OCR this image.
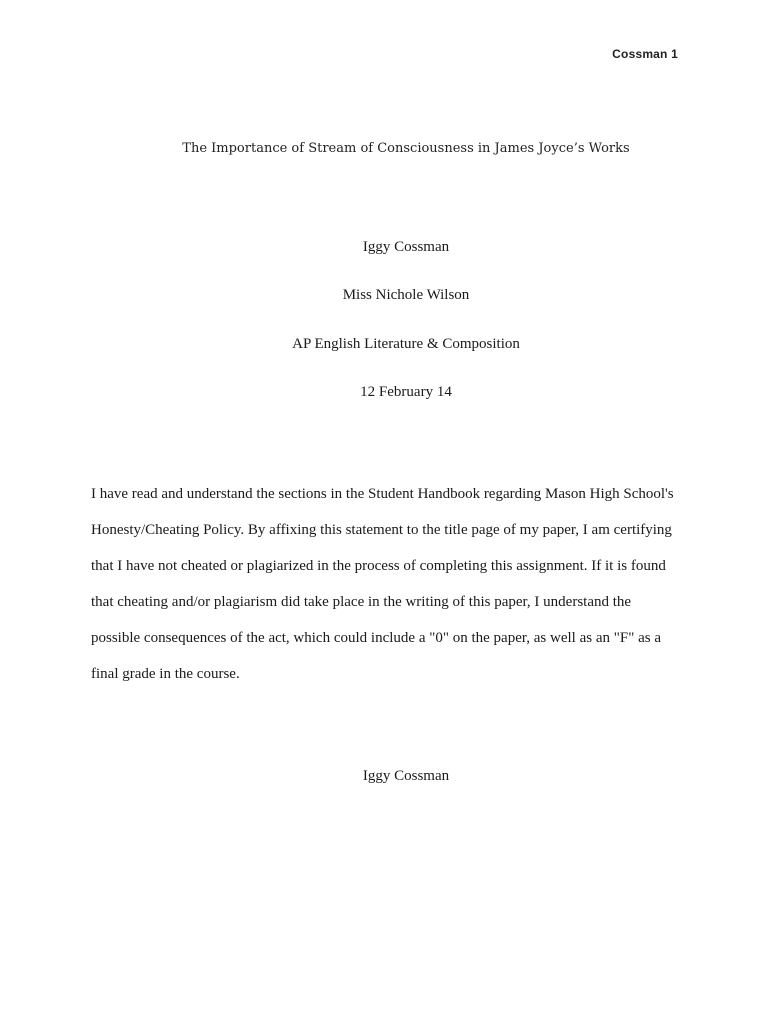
Cossman 1
The Importance of Stream of Consciousness in James Joyce’s Works
Iggy Cossman
Miss Nichole Wilson
AP English Literature & Composition
12 February 14
I have read and understand the sections in the Student Handbook regarding Mason High School's
Honesty/Cheating Policy. By affixing this statement to the title page of my paper, I am certifying
that I have not cheated or plagiarized in the process of completing this assignment. If it is found
that cheating and/or plagiarism did take place in the writing of this paper, I understand the
possible consequences of the act, which could include a "0" on the paper, as well as an "F" as a
final grade in the course.
Iggy Cossman
